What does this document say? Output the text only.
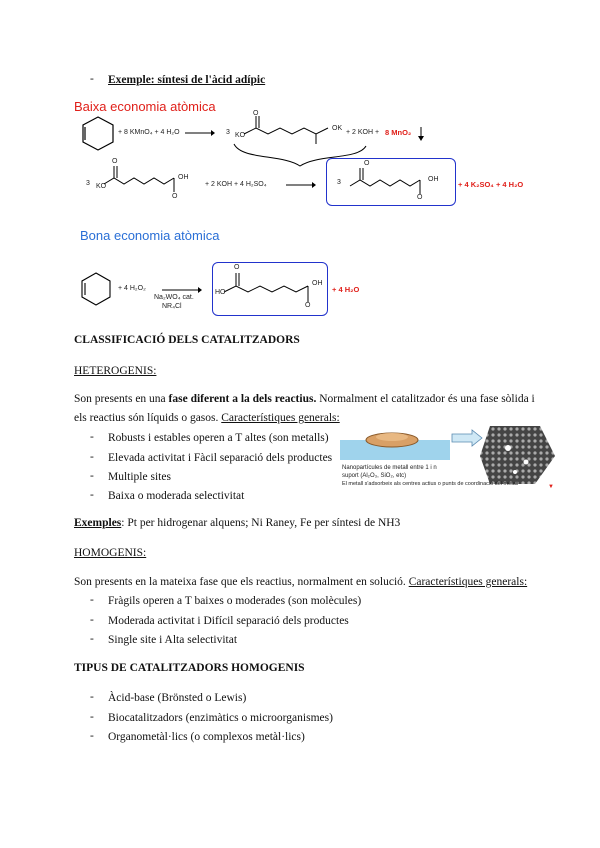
- Exemple: síntesi de l'àcid adípic
Baixa economia atòmica
+ 8 KMnO₄ + 4 H₂O → 3 KO
O
OK
+ 2 KOH + 8 MnO₂
3 KO
O
OH
O
+ 2 KOH + 4 H₂SO₄ →	3
O
OH
O
+ 4 K₂SO₄ + 4 H₂O
Bona economia atòmica
+ 4 H₂O₂ →
Na₂WO₄ cat.
NR₄Cl
O
HO
OH
O
+ 4 H₂O
CLASSIFICACIÓ DELS CATALITZADORS
HETEROGENIS:
Son presents en una fase diferent a la dels reactius. Normalment el catalitzador és una fase sòlida i
els reactius són líquids o gasos. Característiques generals:
- Robusts i estables operen a T altes (son metalls)
- Elevada activitat i Fàcil separació dels productes
- Multiple sites
- Baixa o moderada selectivitat
Nanopartícules de metall entre 1 i n
suport (Al₂O₃, SiO₂, etc)
El metall s'adsorbeix als centres actius o punts de coordinació del metall	▼
Exemples: Pt per hidrogenar alquens; Ni Raney, Fe per síntesi de NH3
HOMOGENIS:
Son presents en la mateixa fase que els reactius, normalment en solució. Característiques generals:
- Fràgils operen a T baixes o moderades (son molècules)
- Moderada activitat i Difícil separació dels productes
- Single site i Alta selectivitat
TIPUS DE CATALITZADORS HOMOGENIS
- Àcid-base (Brönsted o Lewis)
- Biocatalitzadors (enzimàtics o microorganismes)
- Organometàl·lics (o complexos metàl·lics)
